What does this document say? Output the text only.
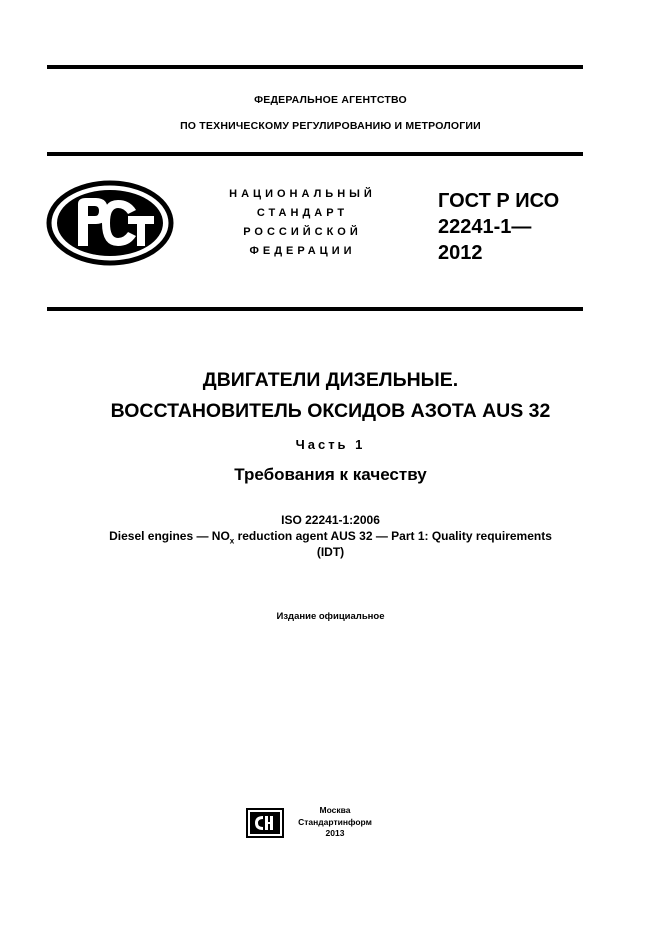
ФЕДЕРАЛЬНОЕ АГЕНТСТВО
ПО ТЕХНИЧЕСКОМУ РЕГУЛИРОВАНИЮ И МЕТРОЛОГИИ
НАЦИОНАЛЬНЫЙ
СТАНДАРТ
РОССИЙСКОЙ
ФЕДЕРАЦИИ
ГОСТ Р ИСО
22241-1—
2012
ДВИГАТЕЛИ ДИЗЕЛЬНЫЕ.
ВОССТАНОВИТЕЛЬ ОКСИДОВ АЗОТА AUS 32
Часть 1
Требования к качеству
ISO 22241-1:2006
Diesel engines — $NO_x$ reduction agent AUS 32 — Part 1: Quality requirements
(IDT)
Издание официальное
Москва
Стандартинформ
2013
